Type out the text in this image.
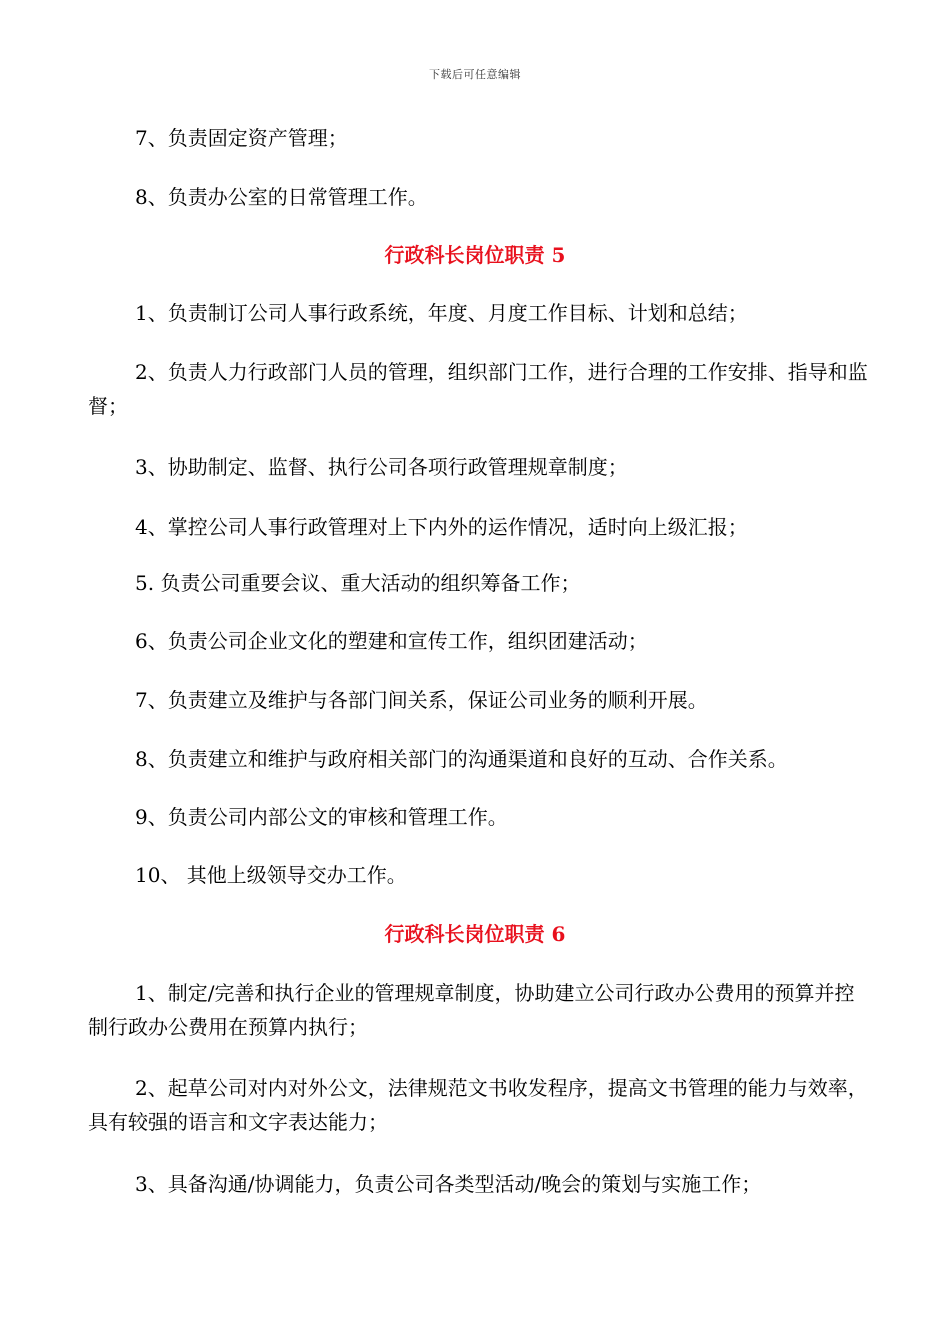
下载后可任意编辑
7、负责固定资产管理；
8、负责办公室的日常管理工作。
行政科长岗位职责 5
1、负责制订公司人事行政系统，年度、月度工作目标、计划和总结；
2、负责人力行政部门人员的管理，组织部门工作，进行合理的工作安排、指导和监督；
3、协助制定、监督、执行公司各项行政管理规章制度；
4、掌控公司人事行政管理对上下内外的运作情况，适时向上级汇报；
5. 负责公司重要会议、重大活动的组织筹备工作；
6、负责公司企业文化的塑建和宣传工作，组织团建活动；
7、负责建立及维护与各部门间关系，保证公司业务的顺利开展。
8、负责建立和维护与政府相关部门的沟通渠道和良好的互动、合作关系。
9、负责公司内部公文的审核和管理工作。
10、 其他上级领导交办工作。
行政科长岗位职责 6
1、制定/完善和执行企业的管理规章制度，协助建立公司行政办公费用的预算并控制行政办公费用在预算内执行；
2、起草公司对内对外公文，法律规范文书收发程序，提高文书管理的能力与效率，具有较强的语言和文字表达能力；
3、具备沟通/协调能力，负责公司各类型活动/晚会的策划与实施工作；
